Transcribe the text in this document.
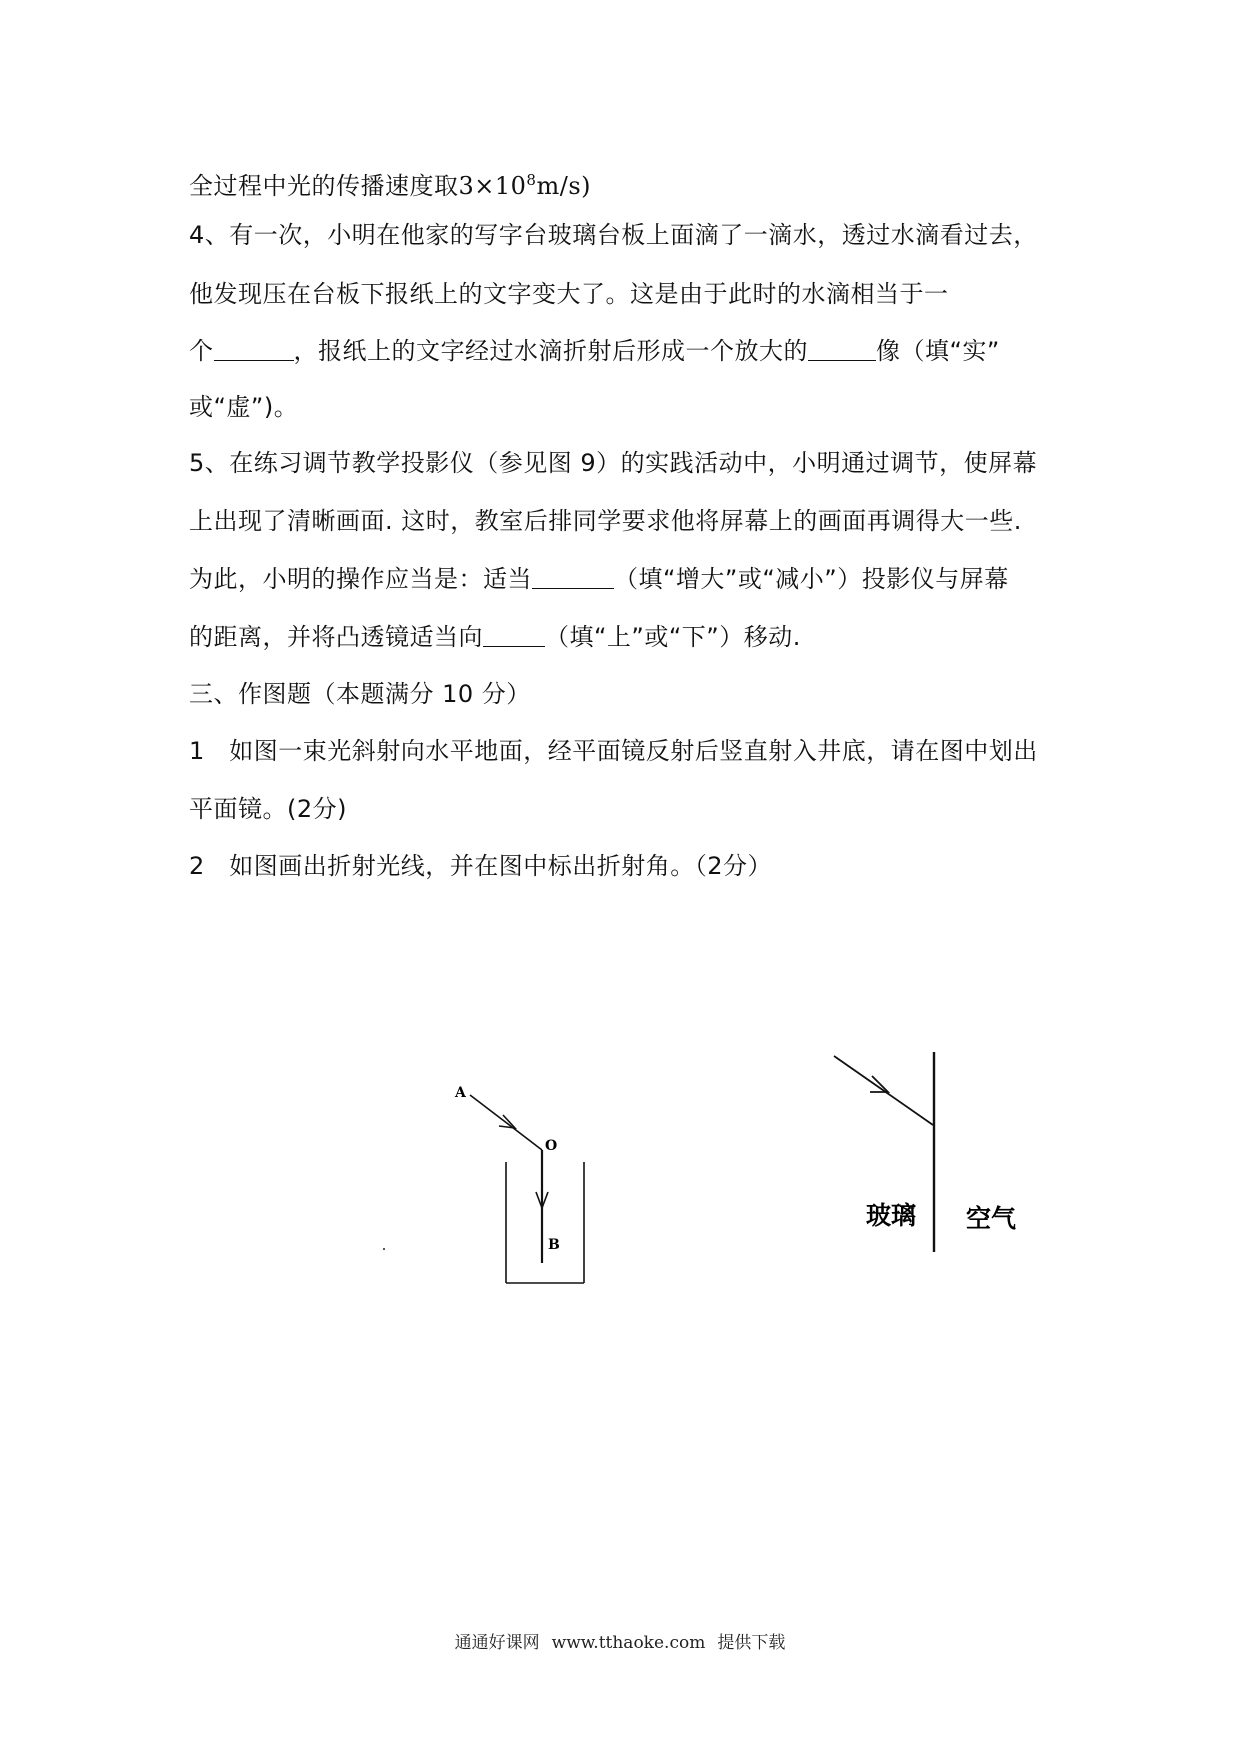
全过程中光的传播速度取$3\times 10^8m/s$)
4、有一次，小明在他家的写字台玻璃台板上面滴了一滴水，透过水滴看过去，
他发现压在台板下报纸上的文字变大了。这是由于此时的水滴相当于一
个	，报纸上的文字经过水滴折射后形成一个放大的	像（填“实”
或“虚”)。
5、在练习调节教学投影仪（参见图 9）的实践活动中，小明通过调节，使屏幕
上出现了清晰画面. 这时，教室后排同学要求他将屏幕上的画面再调得大一些.
为此，小明的操作应当是：适当	（填“增大”或“减小”）投影仪与屏幕
的距离，并将凸透镜适当向	（填“上”或“下”）移动.
三、作图题（本题满分 10 分）
1　如图一束光斜射向水平地面，经平面镜反射后竖直射入井底，请在图中划出
平面镜。(2分)
2　如图画出折射光线，并在图中标出折射角。（2分）
A
O
B
玻璃 空气
通通好课网 www.tthaoke.com 提供下载
